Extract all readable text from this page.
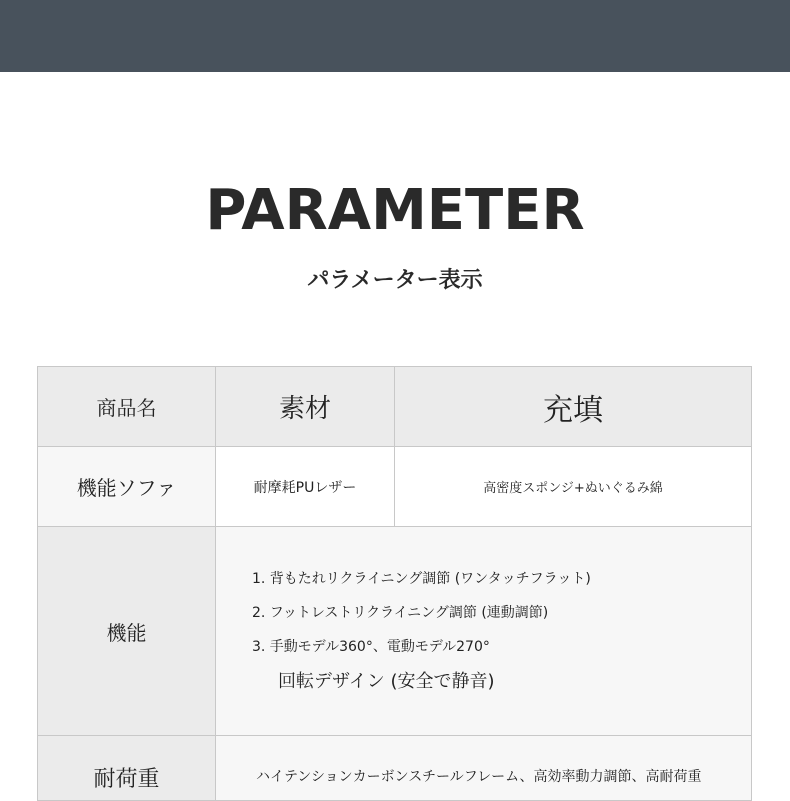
PARAMETER
パラメーター表示
商品名	素材	充填
機能ソファ	耐摩耗PUレザー	高密度スポンジ+ぬいぐるみ綿
機能	1. 背もたれリクライニング調節 (ワンタッチフラット)
2. フットレストリクライニング調節 (連動調節)
3. 手動モデル360°、電動モデル270°
回転デザイン (安全で静音)	

耐荷重	ハイテンションカーボンスチールフレーム、高効率動力調節、高耐荷重	
